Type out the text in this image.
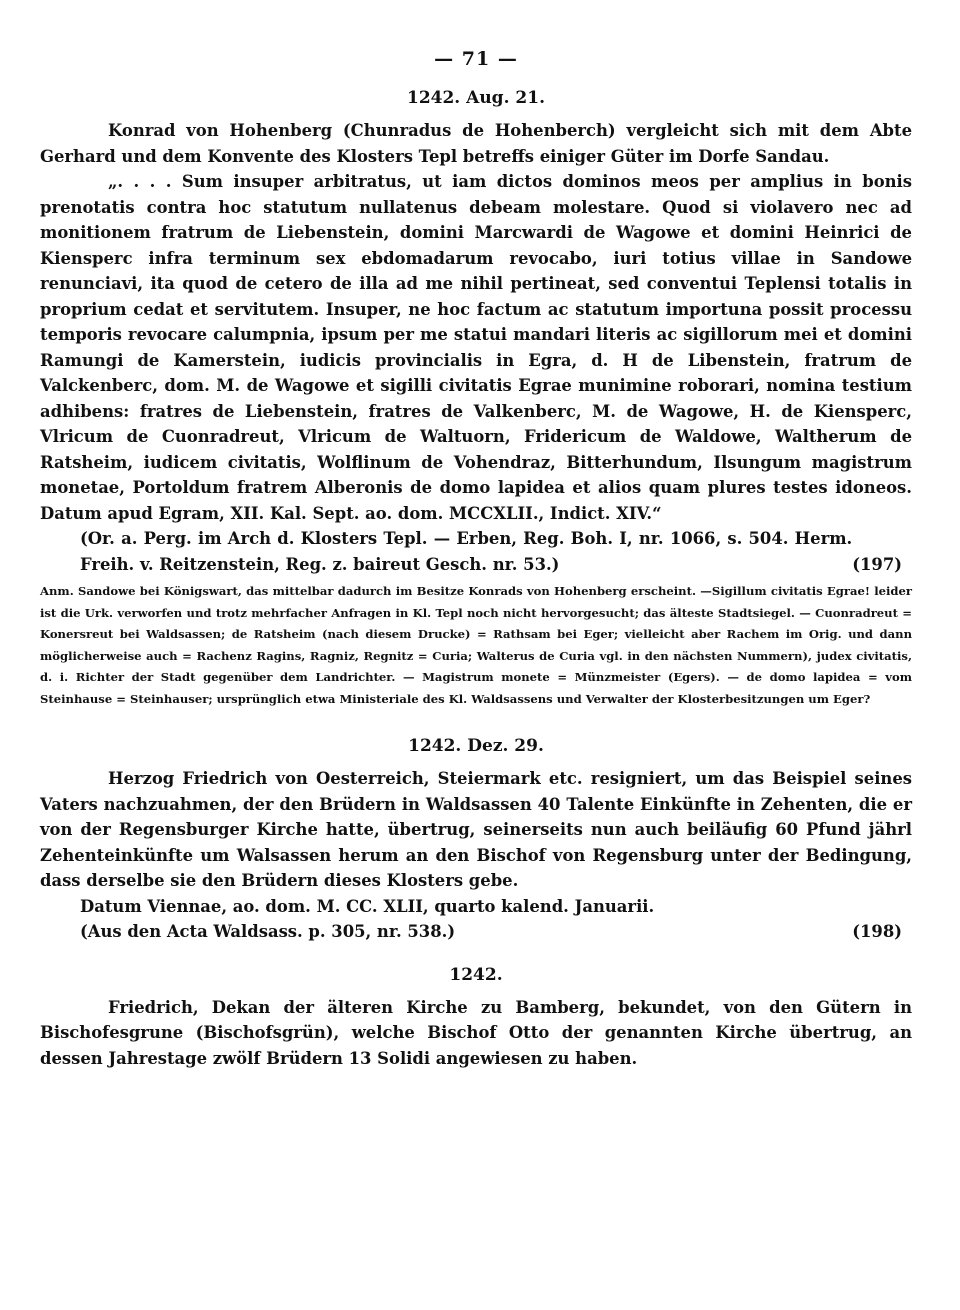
— 71 —
1242. Aug. 21.

Konrad von Hohenberg (Chunradus de Hohenberch) vergleicht sich mit dem Abte Gerhard und dem Konvente des Klosters Tepl betreffs einiger Güter im Dorfe Sandau.

„. . . . Sum insuper arbitratus, ut iam dictos dominos meos per amplius in bonis prenotatis contra hoc statutum nullatenus debeam molestare. Quod si violavero nec ad monitionem fratrum de Liebenstein, domini Marcwardi de Wagowe et domini Heinrici de Kiensperc infra terminum sex ebdomadarum revocabo, iuri totius villae in Sandowe renunciavi, ita quod de cetero de illa ad me nihil pertineat, sed conventui Teplensi totalis in proprium cedat et servitutem. Insuper, ne hoc factum ac statutum importuna possit processu temporis revocare calumpnia, ipsum per me statui mandari literis ac sigillorum mei et domini Ramungi de Kamerstein, iudicis provincialis in Egra, d. H de Libenstein, fratrum de Valckenberc, dom. M. de Wagowe et sigilli civitatis Egrae munimine roborari, nomina testium adhibens: fratres de Liebenstein, fratres de Valkenberc, M. de Wagowe, H. de Kiensperc, Vlricum de Cuonradreut, Vlricum de Waltuorn, Fridericum de Waldowe, Waltherum de Ratsheim, iudicem civitatis, Wolflinum de Vohendraz, Bitterhundum, Ilsungum magistrum monetae, Portoldum fratrem Alberonis de domo lapidea et alios quam plures testes idoneos. Datum apud Egram, XII. Kal. Sept. ao. dom. MCCXLII., Indict. XIV.“

(Or. a. Perg. im Arch d. Klosters Tepl. — Erben, Reg. Boh. I, nr. 1066, s. 504. Herm. Freih. v. Reitzenstein, Reg. z. baireut Gesch. nr. 53.)	(197)

Anm. Sandowe bei Königswart, das mittelbar dadurch im Besitze Konrads von Hohenberg erscheint. —Sigillum civitatis Egrae! leider ist die Urk. verworfen und trotz mehrfacher Anfragen in Kl. Tepl noch nicht hervorgesucht; das älteste Stadtsiegel. — Cuonradreut = Konersreut bei Waldsassen; de Ratsheim (nach diesem Drucke) = Rathsam bei Eger; vielleicht aber Rachem im Orig. und dann möglicherweise auch = Rachenz Ragins, Ragniz, Regnitz = Curia; Walterus de Curia vgl. in den nächsten Nummern), judex civitatis, d. i. Richter der Stadt gegenüber dem Landrichter. — Magistrum monete = Münzmeister (Egers). — de domo lapidea = vom Steinhause = Steinhauser; ursprünglich etwa Ministeriale des Kl. Waldsassens und Verwalter der Klosterbesitzungen um Eger?

1242. Dez. 29.

Herzog Friedrich von Oesterreich, Steiermark etc. resigniert, um das Beispiel seines Vaters nachzuahmen, der den Brüdern in Waldsassen 40 Talente Einkünfte in Zehenten, die er von der Regensburger Kirche hatte, übertrug, seinerseits nun auch beiläufig 60 Pfund jährl Zehenteinkünfte um Walsassen herum an den Bischof von Regensburg unter der Bedingung, dass derselbe sie den Brüdern dieses Klosters gebe.

Datum Viennae, ao. dom. M. CC. XLII, quarto kalend. Januarii.
(Aus den Acta Waldsass. p. 305, nr. 538.)	(198)
1242.

Friedrich, Dekan der älteren Kirche zu Bamberg, bekundet, von den Gütern in Bischofesgrune (Bischofsgrün), welche Bischof Otto der genannten Kirche übertrug, an dessen Jahrestage zwölf Brüdern 13 Solidi angewiesen zu haben.
